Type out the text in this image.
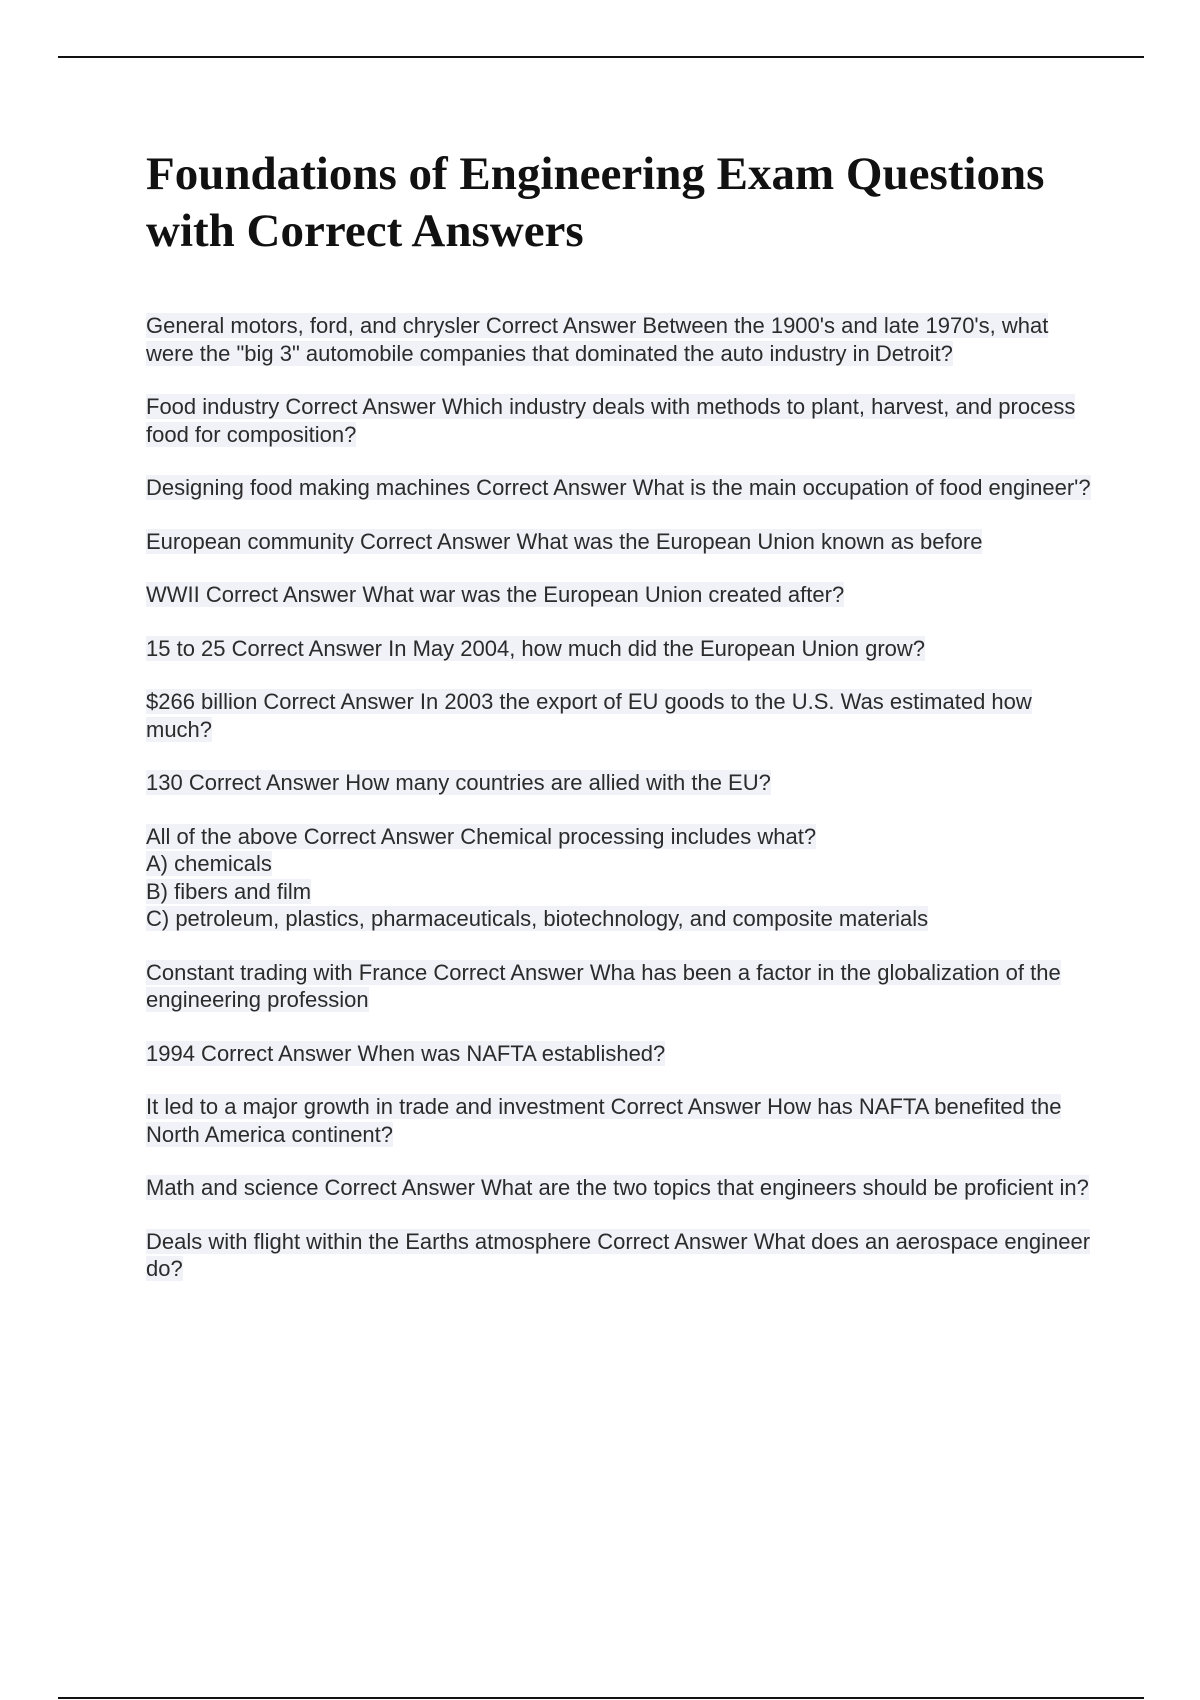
Foundations of Engineering Exam Questions with Correct Answers
General motors, ford, and chrysler Correct Answer Between the 1900's and late 1970's, what were the "big 3" automobile companies that dominated the auto industry in Detroit?
Food industry Correct Answer Which industry deals with methods to plant, harvest, and process food for composition?
Designing food making machines Correct Answer What is the main occupation of food engineer'?
European community Correct Answer What was the European Union known as before
WWII Correct Answer What war was the European Union created after?
15 to 25 Correct Answer In May 2004, how much did the European Union grow?
$266 billion Correct Answer In 2003 the export of EU goods to the U.S. Was estimated how much?
130 Correct Answer How many countries are allied with the EU?
All of the above Correct Answer Chemical processing includes what?
A) chemicals
B) fibers and film
C) petroleum, plastics, pharmaceuticals, biotechnology, and composite materials
Constant trading with France Correct Answer Wha has been a factor in the globalization of the engineering profession
1994 Correct Answer When was NAFTA established?
It led to a major growth in trade and investment Correct Answer How has NAFTA benefited the North America continent?
Math and science Correct Answer What are the two topics that engineers should be proficient in?
Deals with flight within the Earths atmosphere Correct Answer What does an aerospace engineer do?
